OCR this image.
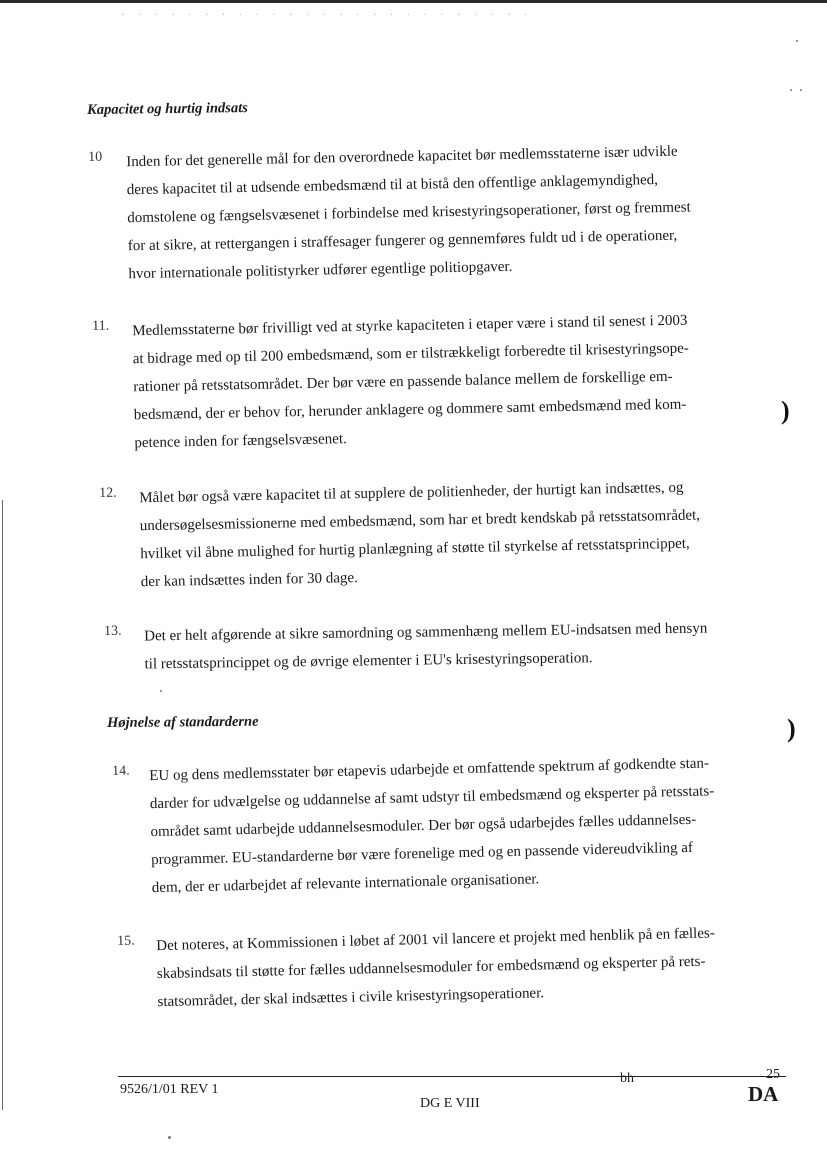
· · · · · · · · · · · · · · · · · · · · · · · · ·
Kapacitet og hurtig indsats
10 Inden for det generelle mål for den overordnede kapacitet bør medlemsstaterne især udvikle
deres kapacitet til at udsende embedsmænd til at bistå den offentlige anklagemyndighed,
domstolene og fængselsvæsenet i forbindelse med krisestyringsoperationer, først og fremmest
for at sikre, at rettergangen i straffesager fungerer og gennemføres fuldt ud i de operationer,
hvor internationale politistyrker udfører egentlige politiopgaver.
11. Medlemsstaterne bør frivilligt ved at styrke kapaciteten i etaper være i stand til senest i 2003
at bidrage med op til 200 embedsmænd, som er tilstrækkeligt forberedte til krisestyringsope-
rationer på retsstatsområdet. Der bør være en passende balance mellem de forskellige em-
bedsmænd, der er behov for, herunder anklagere og dommere samt embedsmænd med kom-
petence inden for fængselsvæsenet.
12. Målet bør også være kapacitet til at supplere de politienheder, der hurtigt kan indsættes, og
undersøgelsesmissionerne med embedsmænd, som har et bredt kendskab på retsstatsområdet,
hvilket vil åbne mulighed for hurtig planlægning af støtte til styrkelse af retsstatsprincippet,
der kan indsættes inden for 30 dage.
13. Det er helt afgørende at sikre samordning og sammenhæng mellem EU-indsatsen med hensyn
til retsstatsprincippet og de øvrige elementer i EU's krisestyringsoperation.
Højnelse af standarderne
14. EU og dens medlemsstater bør etapevis udarbejde et omfattende spektrum af godkendte stan-
darder for udvælgelse og uddannelse af samt udstyr til embedsmænd og eksperter på retsstats-
området samt udarbejde uddannelsesmoduler. Der bør også udarbejdes fælles uddannelses-
programmer. EU-standarderne bør være forenelige med og en passende videreudvikling af
dem, der er udarbejdet af relevante internationale organisationer.
15. Det noteres, at Kommissionen i løbet af 2001 vil lancere et projekt med henblik på en fælles-
skabsindsats til støtte for fælles uddannelsesmoduler for embedsmænd og eksperter på rets-
statsområdet, der skal indsættes i civile krisestyringsoperationer.
)
)
9526/1/01 REV 1
DG E VIII
bh	25
DA
